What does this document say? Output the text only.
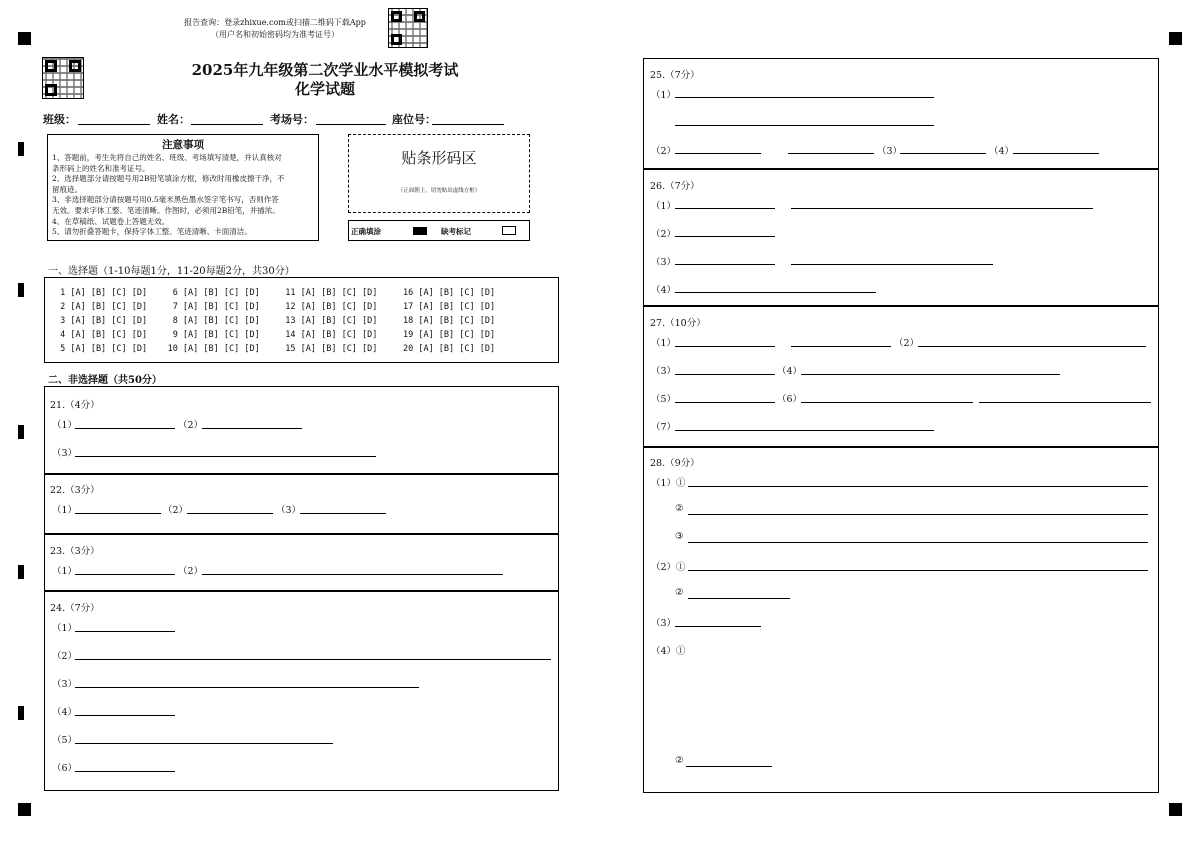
报告查询：登录zhixue.com或扫描二维码下载App
（用户名和初始密码均为准考证号）
2025年九年级第二次学业水平模拟考试
化学试题
班级：	姓名：	考场号：	座位号：
注意事项
1、答题前，考生先将自己的姓名、班级、考场填写清楚，并认真核对
条形码上的姓名和准考证号。
2、选择题部分请按题号用2B铅笔填涂方框，修改时用橡皮擦干净，不
留痕迹。
3、非选择题部分请按题号用0.5毫米黑色墨水签字笔书写，否则作答
无效。要求字体工整、笔迹清晰。作图时，必须用2B铅笔，并描浓。
4、在草稿纸、试题卷上答题无效。
5、请勿折叠答题卡，保持字体工整、笔迹清晰、卡面清洁。
贴条形码区
（正面朝上，切勿贴出虚线方框）
正确填涂	缺考标记
一、选择题（1-10每题1分，11-20每题2分，共30分）
1 [A] [B] [C] [D]     6 [A] [B] [C] [D]     11 [A] [B] [C] [D]     16 [A] [B] [C] [D]
2 [A] [B] [C] [D]     7 [A] [B] [C] [D]     12 [A] [B] [C] [D]     17 [A] [B] [C] [D]
3 [A] [B] [C] [D]     8 [A] [B] [C] [D]     13 [A] [B] [C] [D]     18 [A] [B] [C] [D]
4 [A] [B] [C] [D]     9 [A] [B] [C] [D]     14 [A] [B] [C] [D]     19 [A] [B] [C] [D]
5 [A] [B] [C] [D]    10 [A] [B] [C] [D]     15 [A] [B] [C] [D]     20 [A] [B] [C] [D]
二、非选择题（共50分）
21.（4分）
（1）	（2）
（3）
22.（3分）
（1）	（2）	（3）
23.（3分）
（1）	（2）
24.（7分）
（1）
（2）
（3）
（4）
（5）
（6）
25.（7分）
（1）
（2）	（3）	（4）
26.（7分）
（1）
（2）
（3）
（4）
27.（10分）
（1）	（2）
（3）	（4）
（5）	（6）
（7）
28.（9分）
（1）①
②
③
（2）①
②
（3）
（4）①
②
